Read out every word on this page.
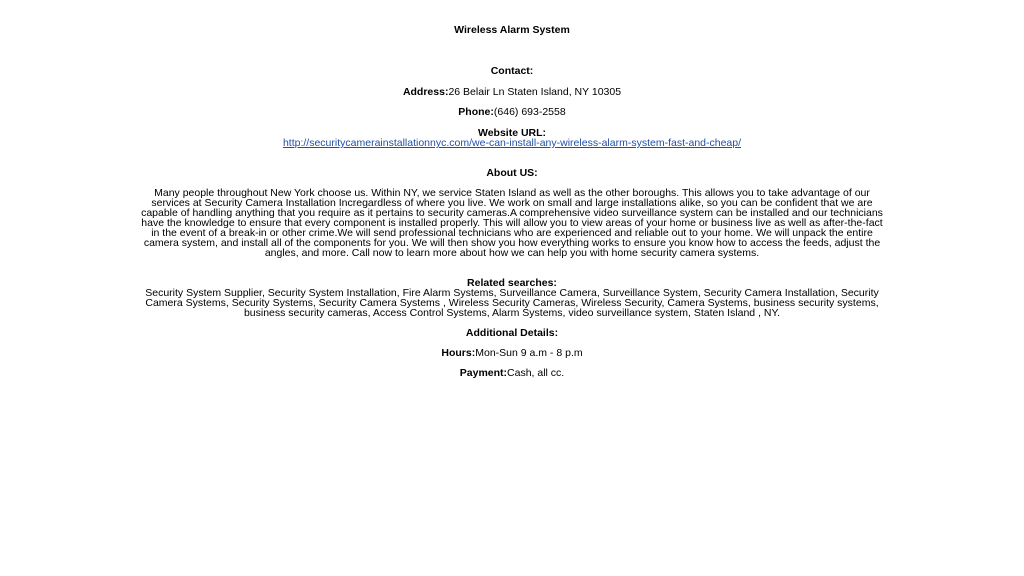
Wireless Alarm System
Contact:
Address:26 Belair Ln Staten Island, NY 10305
Phone:(646) 693-2558
Website URL:
http://securitycamerainstallationnyc.com/we-can-install-any-wireless-alarm-system-fast-and-cheap/
About US:
Many people throughout New York choose us. Within NY, we service Staten Island as well as the other boroughs. This allows you to take advantage of our services at Security Camera Installation Incregardless of where you live. We work on small and large installations alike, so you can be confident that we are capable of handling anything that you require as it pertains to security cameras.A comprehensive video surveillance system can be installed and our technicians have the knowledge to ensure that every component is installed properly. This will allow you to view areas of your home or business live as well as after-the-fact in the event of a break-in or other crime.We will send professional technicians who are experienced and reliable out to your home. We will unpack the entire camera system, and install all of the components for you. We will then show you how everything works to ensure you know how to access the feeds, adjust the angles, and more. Call now to learn more about how we can help you with home security camera systems.
Related searches:
Security System Supplier, Security System Installation, Fire Alarm Systems, Surveillance Camera, Surveillance System, Security Camera Installation, Security Camera Systems, Security Systems, Security Camera Systems , Wireless Security Cameras, Wireless Security, Camera Systems, business security systems, business security cameras, Access Control Systems, Alarm Systems, video surveillance system, Staten Island , NY.
Additional Details:
Hours:Mon-Sun 9 a.m - 8 p.m
Payment:Cash, all cc.
